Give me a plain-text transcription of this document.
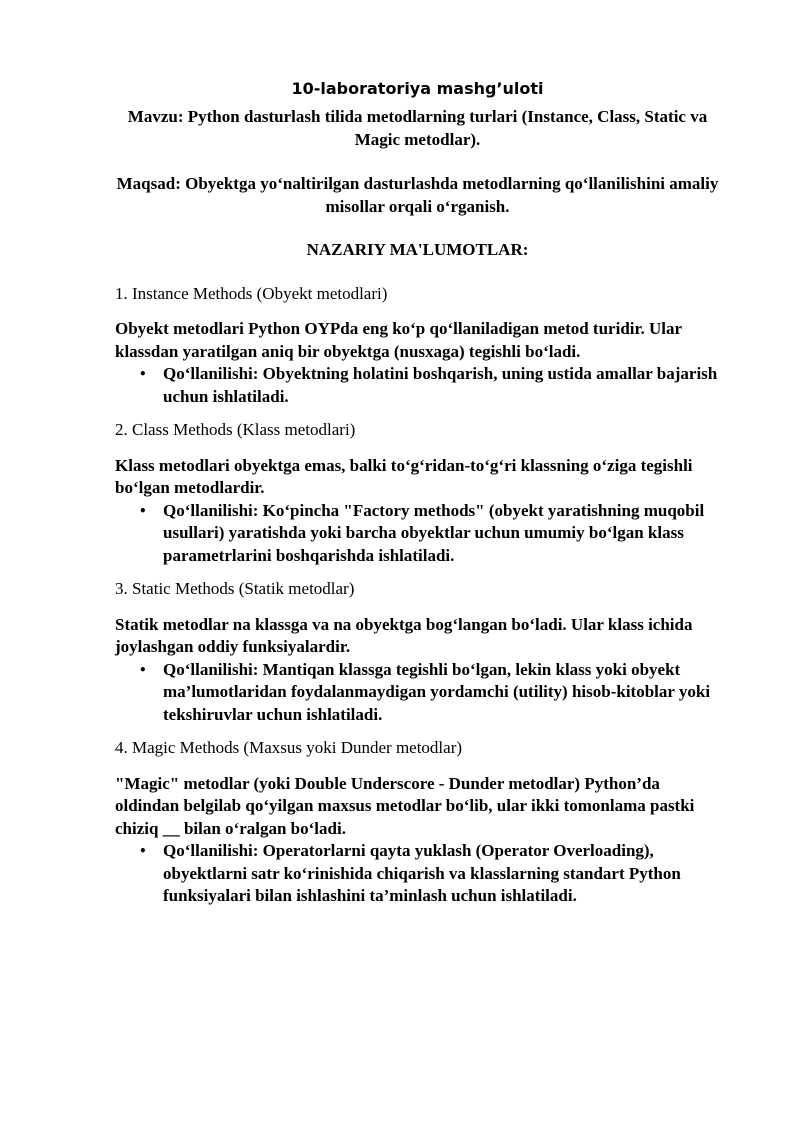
10-laboratoriya mashg’uloti

Mavzu: Python dasturlash tilida metodlarning turlari (Instance, Class, Static va Magic metodlar).

Maqsad: Obyektga yo‘naltirilgan dasturlashda metodlarning qo‘llanilishini amaliy misollar orqali o‘rganish.

NAZARIY MA'LUMOTLAR:

1. Instance Methods (Obyekt metodlari)

Obyekt metodlari Python OYPda eng ko‘p qo‘llaniladigan metod turidir. Ular klassdan yaratilgan aniq bir obyektga (nusxaga) tegishli bo‘ladi.

• Qo‘llanilishi: Obyektning holatini boshqarish, uning ustida amallar bajarish uchun ishlatiladi.

2. Class Methods (Klass metodlari)

Klass metodlari obyektga emas, balki to‘g‘ridan-to‘g‘ri klassning o‘ziga tegishli bo‘lgan metodlardir.

• Qo‘llanilishi: Ko‘pincha "Factory methods" (obyekt yaratishning muqobil usullari) yaratishda yoki barcha obyektlar uchun umumiy bo‘lgan klass parametrlarini boshqarishda ishlatiladi.

3. Static Methods (Statik metodlar)

Statik metodlar na klassga va na obyektga bog‘langan bo‘ladi. Ular klass ichida joylashgan oddiy funksiyalardir.

• Qo‘llanilishi: Mantiqan klassga tegishli bo‘lgan, lekin klass yoki obyekt ma’lumotlaridan foydalanmaydigan yordamchi (utility) hisob-kitoblar yoki tekshiruvlar uchun ishlatiladi.

4. Magic Methods (Maxsus yoki Dunder metodlar)

"Magic" metodlar (yoki Double Underscore - Dunder metodlar) Python’da oldindan belgilab qo‘yilgan maxsus metodlar bo‘lib, ular ikki tomonlama pastki chiziq __ bilan o‘ralgan bo‘ladi.

• Qo‘llanilishi: Operatorlarni qayta yuklash (Operator Overloading), obyektlarni satr ko‘rinishida chiqarish va klasslarning standart Python funksiyalari bilan ishlashini ta’minlash uchun ishlatiladi.
